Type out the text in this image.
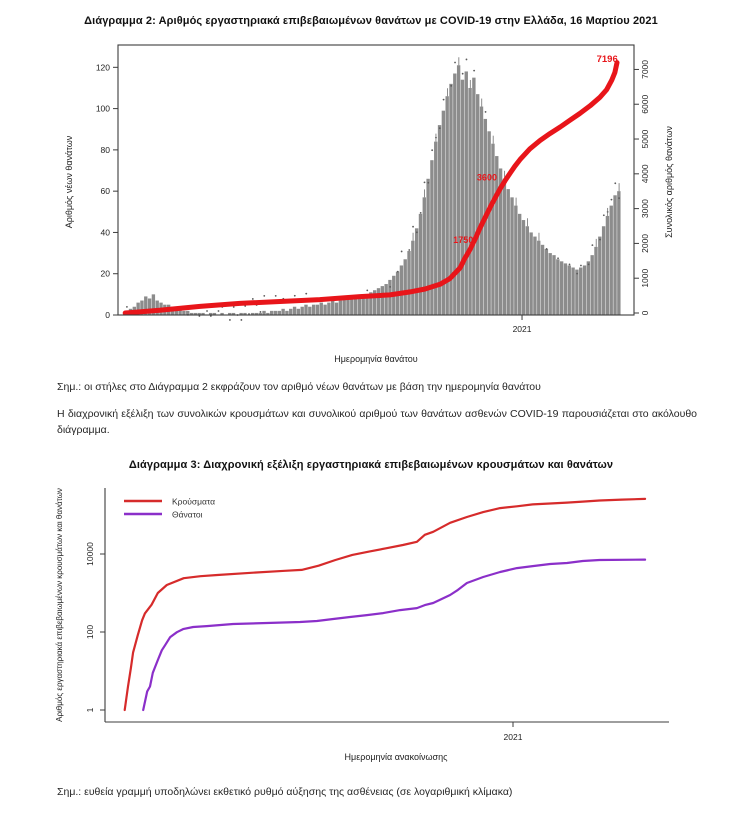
Διάγραμμα 2: Αριθμός εργαστηριακά επιβεβαιωμένων θανάτων με COVID-19 στην Ελλάδα, 16 Μαρτίου 2021
3600
1750
7196
0
20
40
60
80
100
120
0
1000
2000
3000
4000
5000
6000
7000
2021
Αριθμός νέων θανάτων	Συνολικός αριθμός θανάτων
Ημερομηνία θανάτου
Σημ.: οι στήλες στο Διάγραμμα 2 εκφράζουν τον αριθμό νέων θανάτων με βάση την ημερομηνία θανάτου
Η διαχρονική εξέλιξη των συνολικών κρουσμάτων και συνολικού αριθμού των θανάτων ασθενών COVID-19 παρουσιάζεται στο ακόλουθο
διάγραμμα.
Διάγραμμα 3: Διαχρονική εξέλιξη εργαστηριακά επιβεβαιωμένων κρουσμάτων και θανάτων
1
100
10000
2021
Κρούσματα
Θάνατοι
Αριθμός εργαστηριακά επιβεβαιωμένων κρουσμάτων και θανάτων
Ημερομηνία ανακοίνωσης
Σημ.: ευθεία γραμμή υποδηλώνει εκθετικό ρυθμό αύξησης της ασθένειας (σε λογαριθμική κλίμακα)
